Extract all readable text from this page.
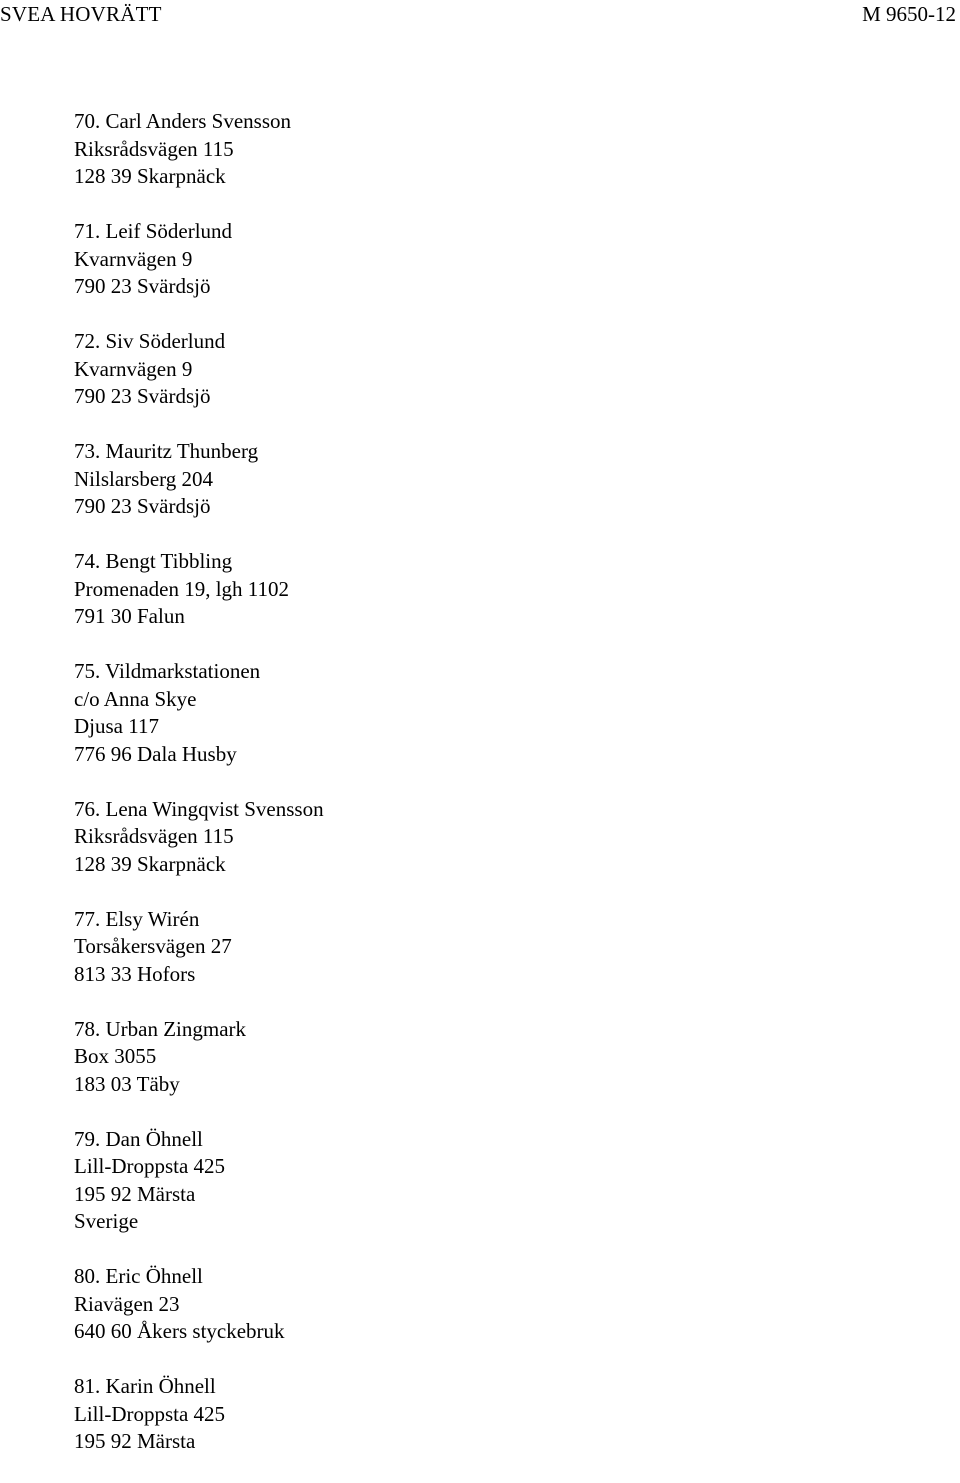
SVEA HOVRÄTT	M 9650-12
70. Carl Anders Svensson
Riksrådsvägen 115
128 39 Skarpnäck
71. Leif Söderlund
Kvarnvägen 9
790 23 Svärdsjö
72. Siv Söderlund
Kvarnvägen 9
790 23 Svärdsjö
73. Mauritz Thunberg
Nilslarsberg 204
790 23 Svärdsjö
74. Bengt Tibbling
Promenaden 19, lgh 1102
791 30 Falun
75. Vildmarkstationen
c/o Anna Skye
Djusa 117
776 96 Dala Husby
76. Lena Wingqvist Svensson
Riksrådsvägen 115
128 39 Skarpnäck
77. Elsy Wirén
Torsåkersvägen 27
813 33 Hofors
78. Urban Zingmark
Box 3055
183 03 Täby
79. Dan Öhnell
Lill-Droppsta 425
195 92 Märsta
Sverige
80. Eric Öhnell
Riavägen 23
640 60 Åkers styckebruk
81. Karin Öhnell
Lill-Droppsta 425
195 92 Märsta
